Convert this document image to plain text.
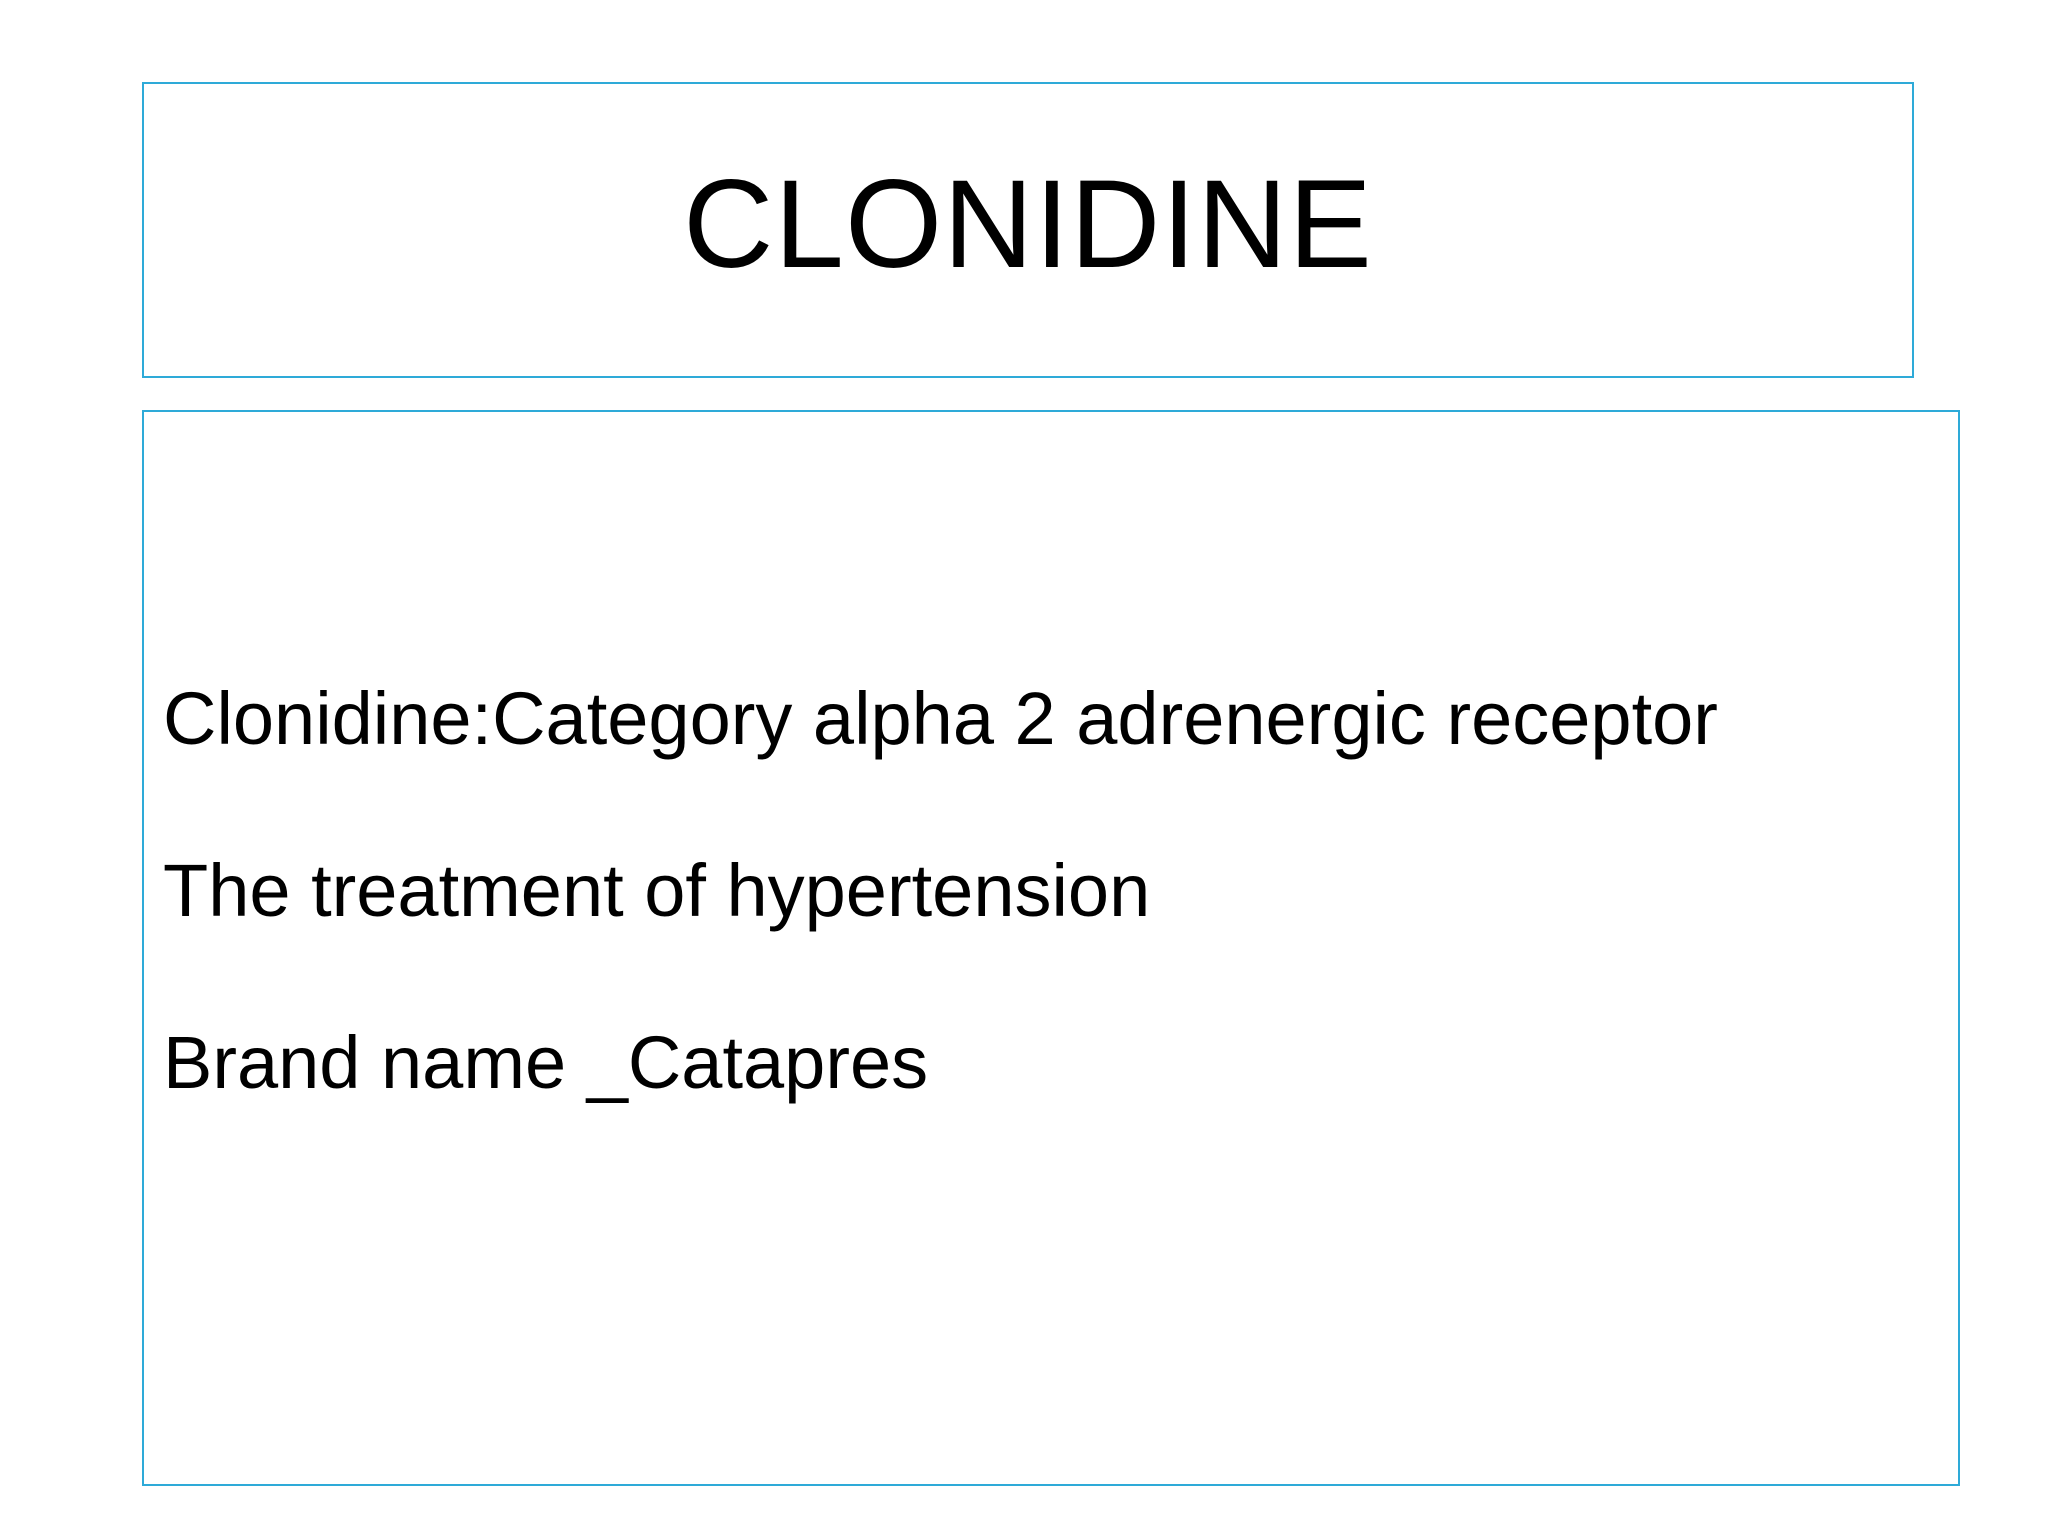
CLONIDINE
Clonidine:Category alpha 2 adrenergic receptor
The treatment of hypertension
Brand name _Catapres
